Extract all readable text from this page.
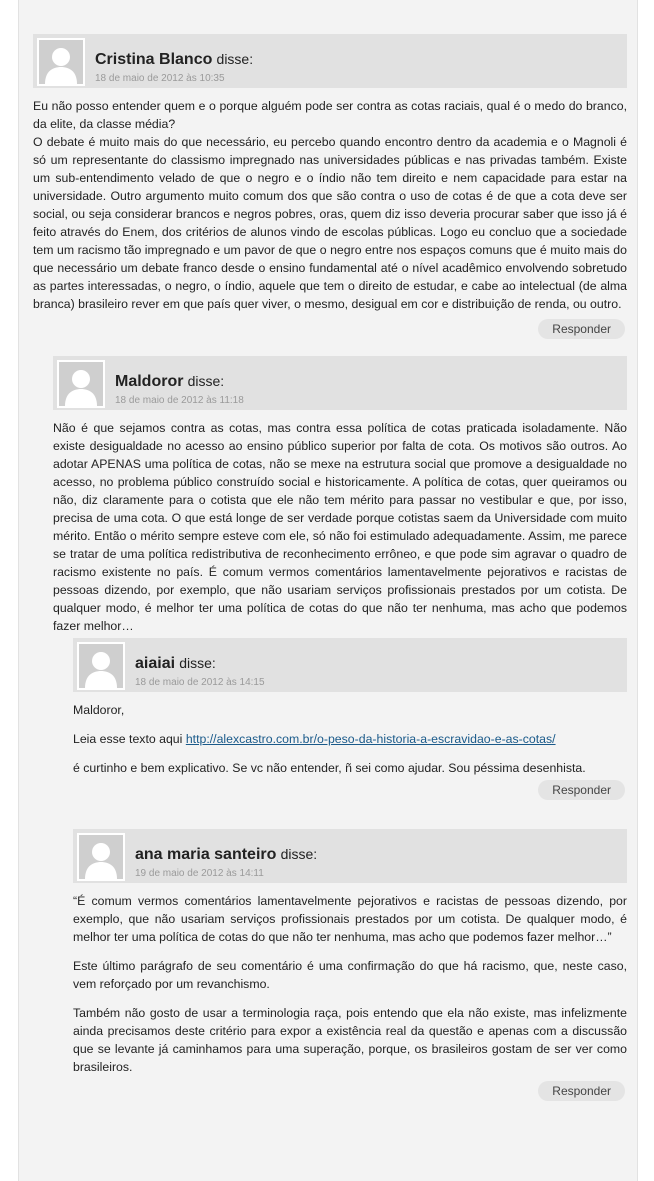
Cristina Blanco disse:
18 de maio de 2012 às 10:35

Eu não posso entender quem e o porque alguém pode ser contra as cotas raciais, qual é o medo do branco, da elite, da classe média?

O debate é muito mais do que necessário, eu percebo quando encontro dentro da academia e o Magnoli é só um representante do classismo impregnado nas universidades públicas e nas privadas também. Existe um sub-entendimento velado de que o negro e o índio não tem direito e nem capacidade para estar na universidade. Outro argumento muito comum dos que são contra o uso de cotas é de que a cota deve ser social, ou seja considerar brancos e negros pobres, oras, quem diz isso deveria procurar saber que isso já é feito através do Enem, dos critérios de alunos vindo de escolas públicas. Logo eu concluo que a sociedade tem um racismo tão impregnado e um pavor de que o negro entre nos espaços comuns que é muito mais do que necessário um debate franco desde o ensino fundamental até o nível acadêmico envolvendo sobretudo as partes interessadas, o negro, o índio, aquele que tem o direito de estudar, e cabe ao intelectual (de alma branca) brasileiro rever em que país quer viver, o mesmo, desigual em cor e distribuição de renda, ou outro.

Responder
Maldoror disse:
18 de maio de 2012 às 11:18

Não é que sejamos contra as cotas, mas contra essa política de cotas praticada isoladamente. Não existe desigualdade no acesso ao ensino público superior por falta de cota. Os motivos são outros. Ao adotar APENAS uma política de cotas, não se mexe na estrutura social que promove a desigualdade no acesso, no problema público construído social e historicamente. A política de cotas, quer queiramos ou não, diz claramente para o cotista que ele não tem mérito para passar no vestibular e que, por isso, precisa de uma cota. O que está longe de ser verdade porque cotistas saem da Universidade com muito mérito. Então o mérito sempre esteve com ele, só não foi estimulado adequadamente. Assim, me parece se tratar de uma política redistributiva de reconhecimento errôneo, e que pode sim agravar o quadro de racismo existente no país. É comum vermos comentários lamentavelmente pejorativos e racistas de pessoas dizendo, por exemplo, que não usariam serviços profissionais prestados por um cotista. De qualquer modo, é melhor ter uma política de cotas do que não ter nenhuma, mas acho que podemos fazer melhor…

aiaiai disse:
18 de maio de 2012 às 14:15

Maldoror,

Leia esse texto aqui http://alexcastro.com.br/o-peso-da-historia-a-escravidao-e-as-cotas/

é curtinho e bem explicativo. Se vc não entender, ñ sei como ajudar. Sou péssima desenhista.

Responder
ana maria santeiro disse:
19 de maio de 2012 às 14:11

“É comum vermos comentários lamentavelmente pejorativos e racistas de pessoas dizendo, por exemplo, que não usariam serviços profissionais prestados por um cotista. De qualquer modo, é melhor ter uma política de cotas do que não ter nenhuma, mas acho que podemos fazer melhor…”

Este último parágrafo de seu comentário é uma confirmação do que há racismo, que, neste caso, vem reforçado por um revanchismo.

Também não gosto de usar a terminologia raça, pois entendo que ela não existe, mas infelizmente ainda precisamos deste critério para expor a existência real da questão e apenas com a discussão que se levante já caminhamos para uma superação, porque, os brasileiros gostam de ser ver como brasileiros.

Responder
